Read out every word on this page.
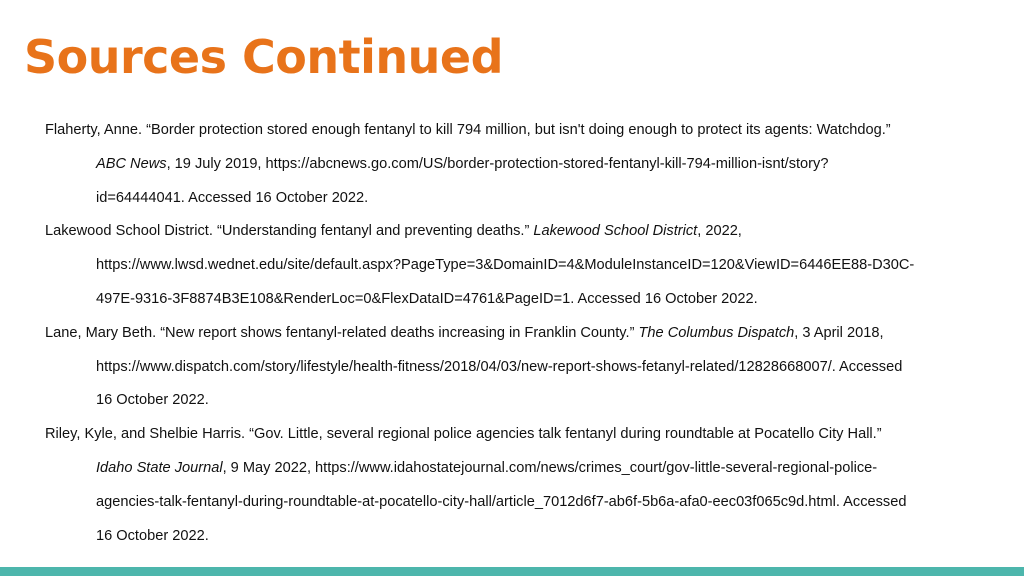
Sources Continued
Flaherty, Anne. “Border protection stored enough fentanyl to kill 794 million, but isn't doing enough to protect its agents: Watchdog.”
ABC News, 19 July 2019, https://abcnews.go.com/US/border-protection-stored-fentanyl-kill-794-million-isnt/story?
id=64444041. Accessed 16 October 2022.
Lakewood School District. “Understanding fentanyl and preventing deaths.” Lakewood School District, 2022,
https://www.lwsd.wednet.edu/site/default.aspx?PageType=3&DomainID=4&ModuleInstanceID=120&ViewID=6446EE88-D30C-
497E-9316-3F8874B3E108&RenderLoc=0&FlexDataID=4761&PageID=1. Accessed 16 October 2022.
Lane, Mary Beth. “New report shows fentanyl-related deaths increasing in Franklin County.” The Columbus Dispatch, 3 April 2018,
https://www.dispatch.com/story/lifestyle/health-fitness/2018/04/03/new-report-shows-fetanyl-related/12828668007/. Accessed
16 October 2022.
Riley, Kyle, and Shelbie Harris. “Gov. Little, several regional police agencies talk fentanyl during roundtable at Pocatello City Hall.”
Idaho State Journal, 9 May 2022, https://www.idahostatejournal.com/news/crimes_court/gov-little-several-regional-police-
agencies-talk-fentanyl-during-roundtable-at-pocatello-city-hall/article_7012d6f7-ab6f-5b6a-afa0-eec03f065c9d.html. Accessed
16 October 2022.
